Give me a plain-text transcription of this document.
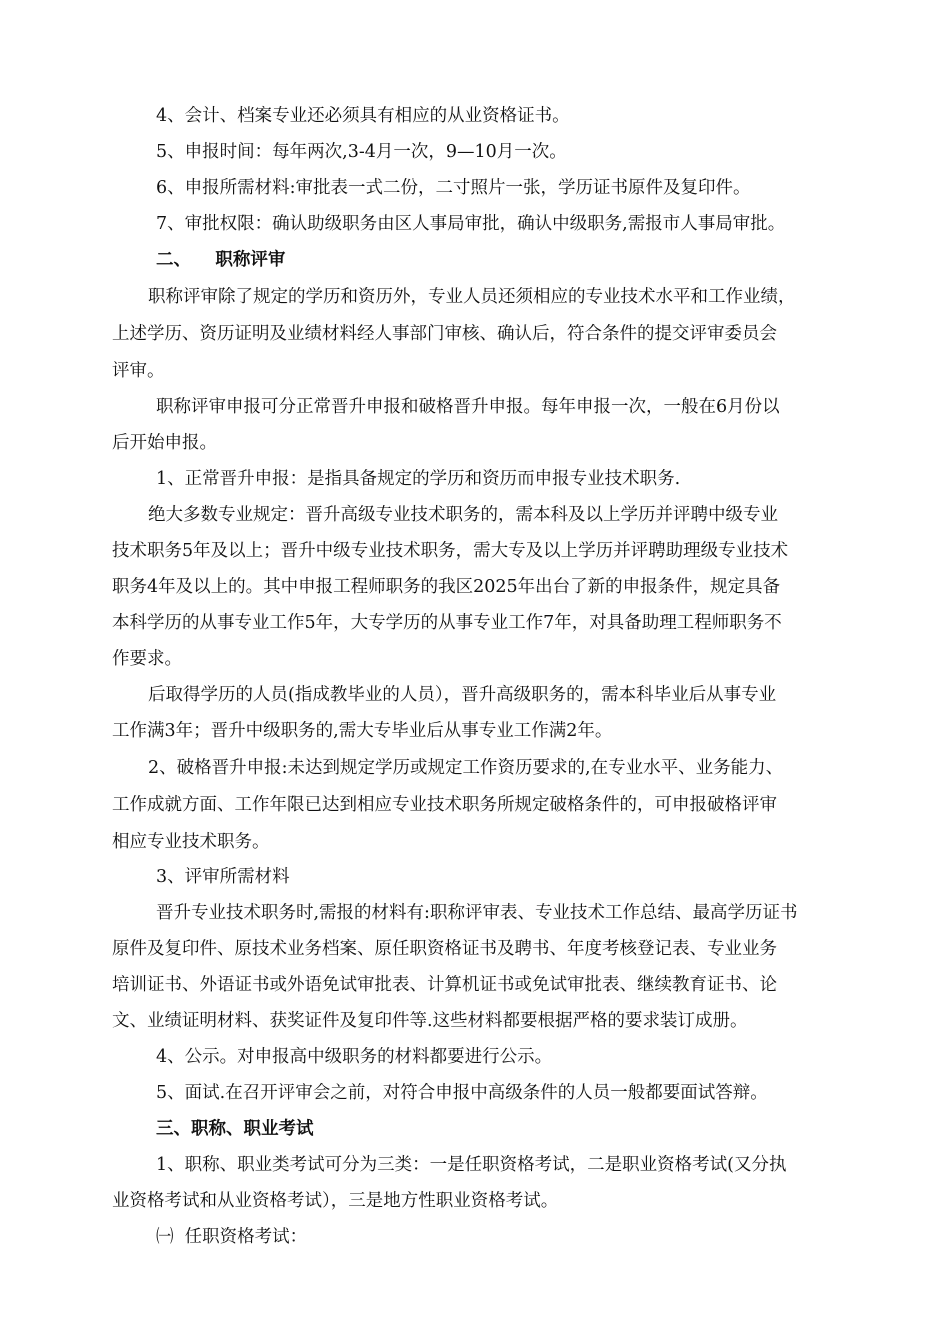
4、会计、档案专业还必须具有相应的从业资格证书。
5、申报时间：每年两次,3-4月一次，9—10月一次。
6、申报所需材料:审批表一式二份，二寸照片一张，学历证书原件及复印件。
7、审批权限：确认助级职务由区人事局审批，确认中级职务,需报市人事局审批。
二、    职称评审
职称评审除了规定的学历和资历外，专业人员还须相应的专业技术水平和工作业绩，
上述学历、资历证明及业绩材料经人事部门审核、确认后，符合条件的提交评审委员会
评审。
职称评审申报可分正常晋升申报和破格晋升申报。每年申报一次，一般在6月份以
后开始申报。
1、正常晋升申报：是指具备规定的学历和资历而申报专业技术职务.
绝大多数专业规定：晋升高级专业技术职务的，需本科及以上学历并评聘中级专业
技术职务5年及以上；晋升中级专业技术职务，需大专及以上学历并评聘助理级专业技术
职务4年及以上的。其中申报工程师职务的我区2025年出台了新的申报条件，规定具备
本科学历的从事专业工作5年，大专学历的从事专业工作7年，对具备助理工程师职务不
作要求。
后取得学历的人员(指成教毕业的人员），晋升高级职务的，需本科毕业后从事专业
工作满3年；晋升中级职务的,需大专毕业后从事专业工作满2年。
2、破格晋升申报:未达到规定学历或规定工作资历要求的,在专业水平、业务能力、
工作成就方面、工作年限已达到相应专业技术职务所规定破格条件的，可申报破格评审
相应专业技术职务。
3、评审所需材料
晋升专业技术职务时,需报的材料有:职称评审表、专业技术工作总结、最高学历证书
原件及复印件、原技术业务档案、原任职资格证书及聘书、年度考核登记表、专业业务
培训证书、外语证书或外语免试审批表、计算机证书或免试审批表、继续教育证书、论
文、业绩证明材料、获奖证件及复印件等.这些材料都要根据严格的要求装订成册。
4、公示。对申报高中级职务的材料都要进行公示。
5、面试.在召开评审会之前，对符合申报中高级条件的人员一般都要面试答辩。
三、职称、职业考试
1、职称、职业类考试可分为三类：一是任职资格考试，二是职业资格考试(又分执
业资格考试和从业资格考试），三是地方性职业资格考试。
㈠  任职资格考试：
